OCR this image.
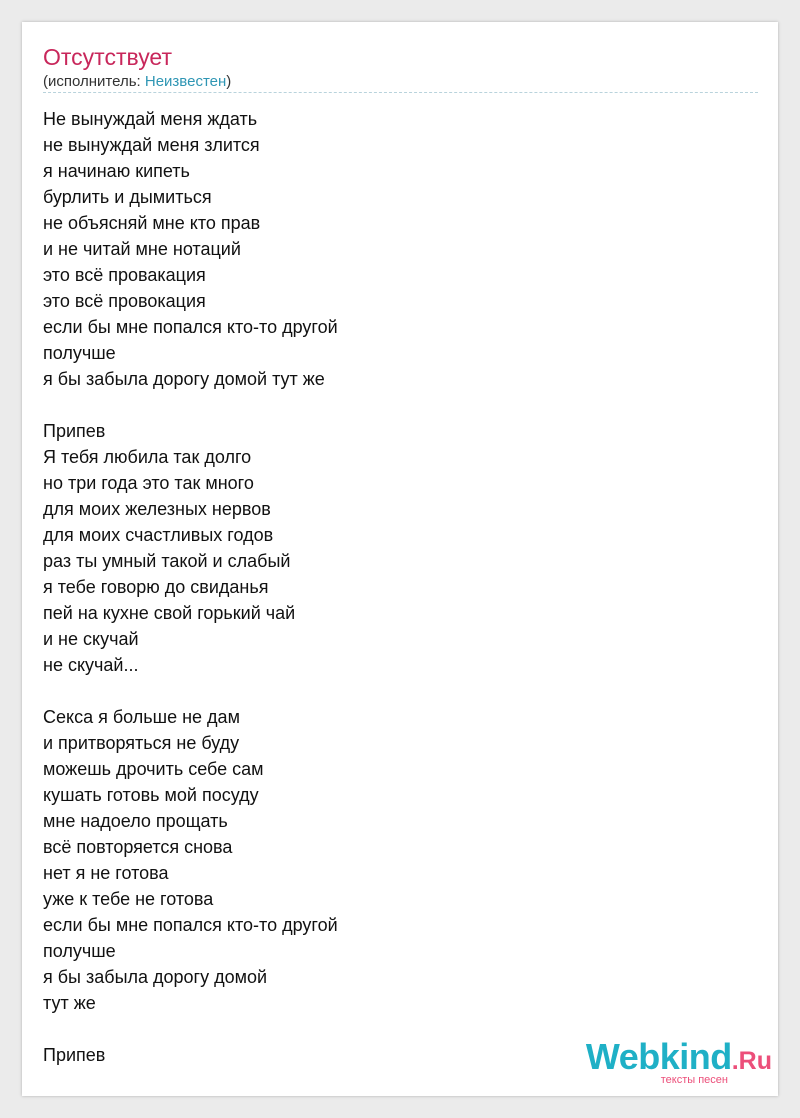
Отсутствует
(исполнитель: Неизвестен)
Не вынуждай меня ждать
не вынуждай меня злится
я начинаю кипеть
бурлить и дымиться
не объясняй мне кто прав
и не читай мне нотаций
это всё провакация
это всё провокация
если бы мне попался кто-то другой
получше
я бы забыла дорогу домой тут же

Припев
Я тебя любила так долго
но три года это так много
для моих железных нервов
для моих счастливых годов
раз ты умный такой и слабый
я тебе говорю до свиданья
пей на кухне свой горький чай
и не скучай
не скучай...

Секса я больше не дам
и притворяться не буду
можешь дрочить себе сам
кушать готовь мой посуду
мне надоело прощать
всё повторяется снова
нет я не готова
уже к тебе не готова
если бы мне попался кто-то другой
получше
я бы забыла дорогу домой
тут же

Припев	Webkind.Ru
тексты песен
